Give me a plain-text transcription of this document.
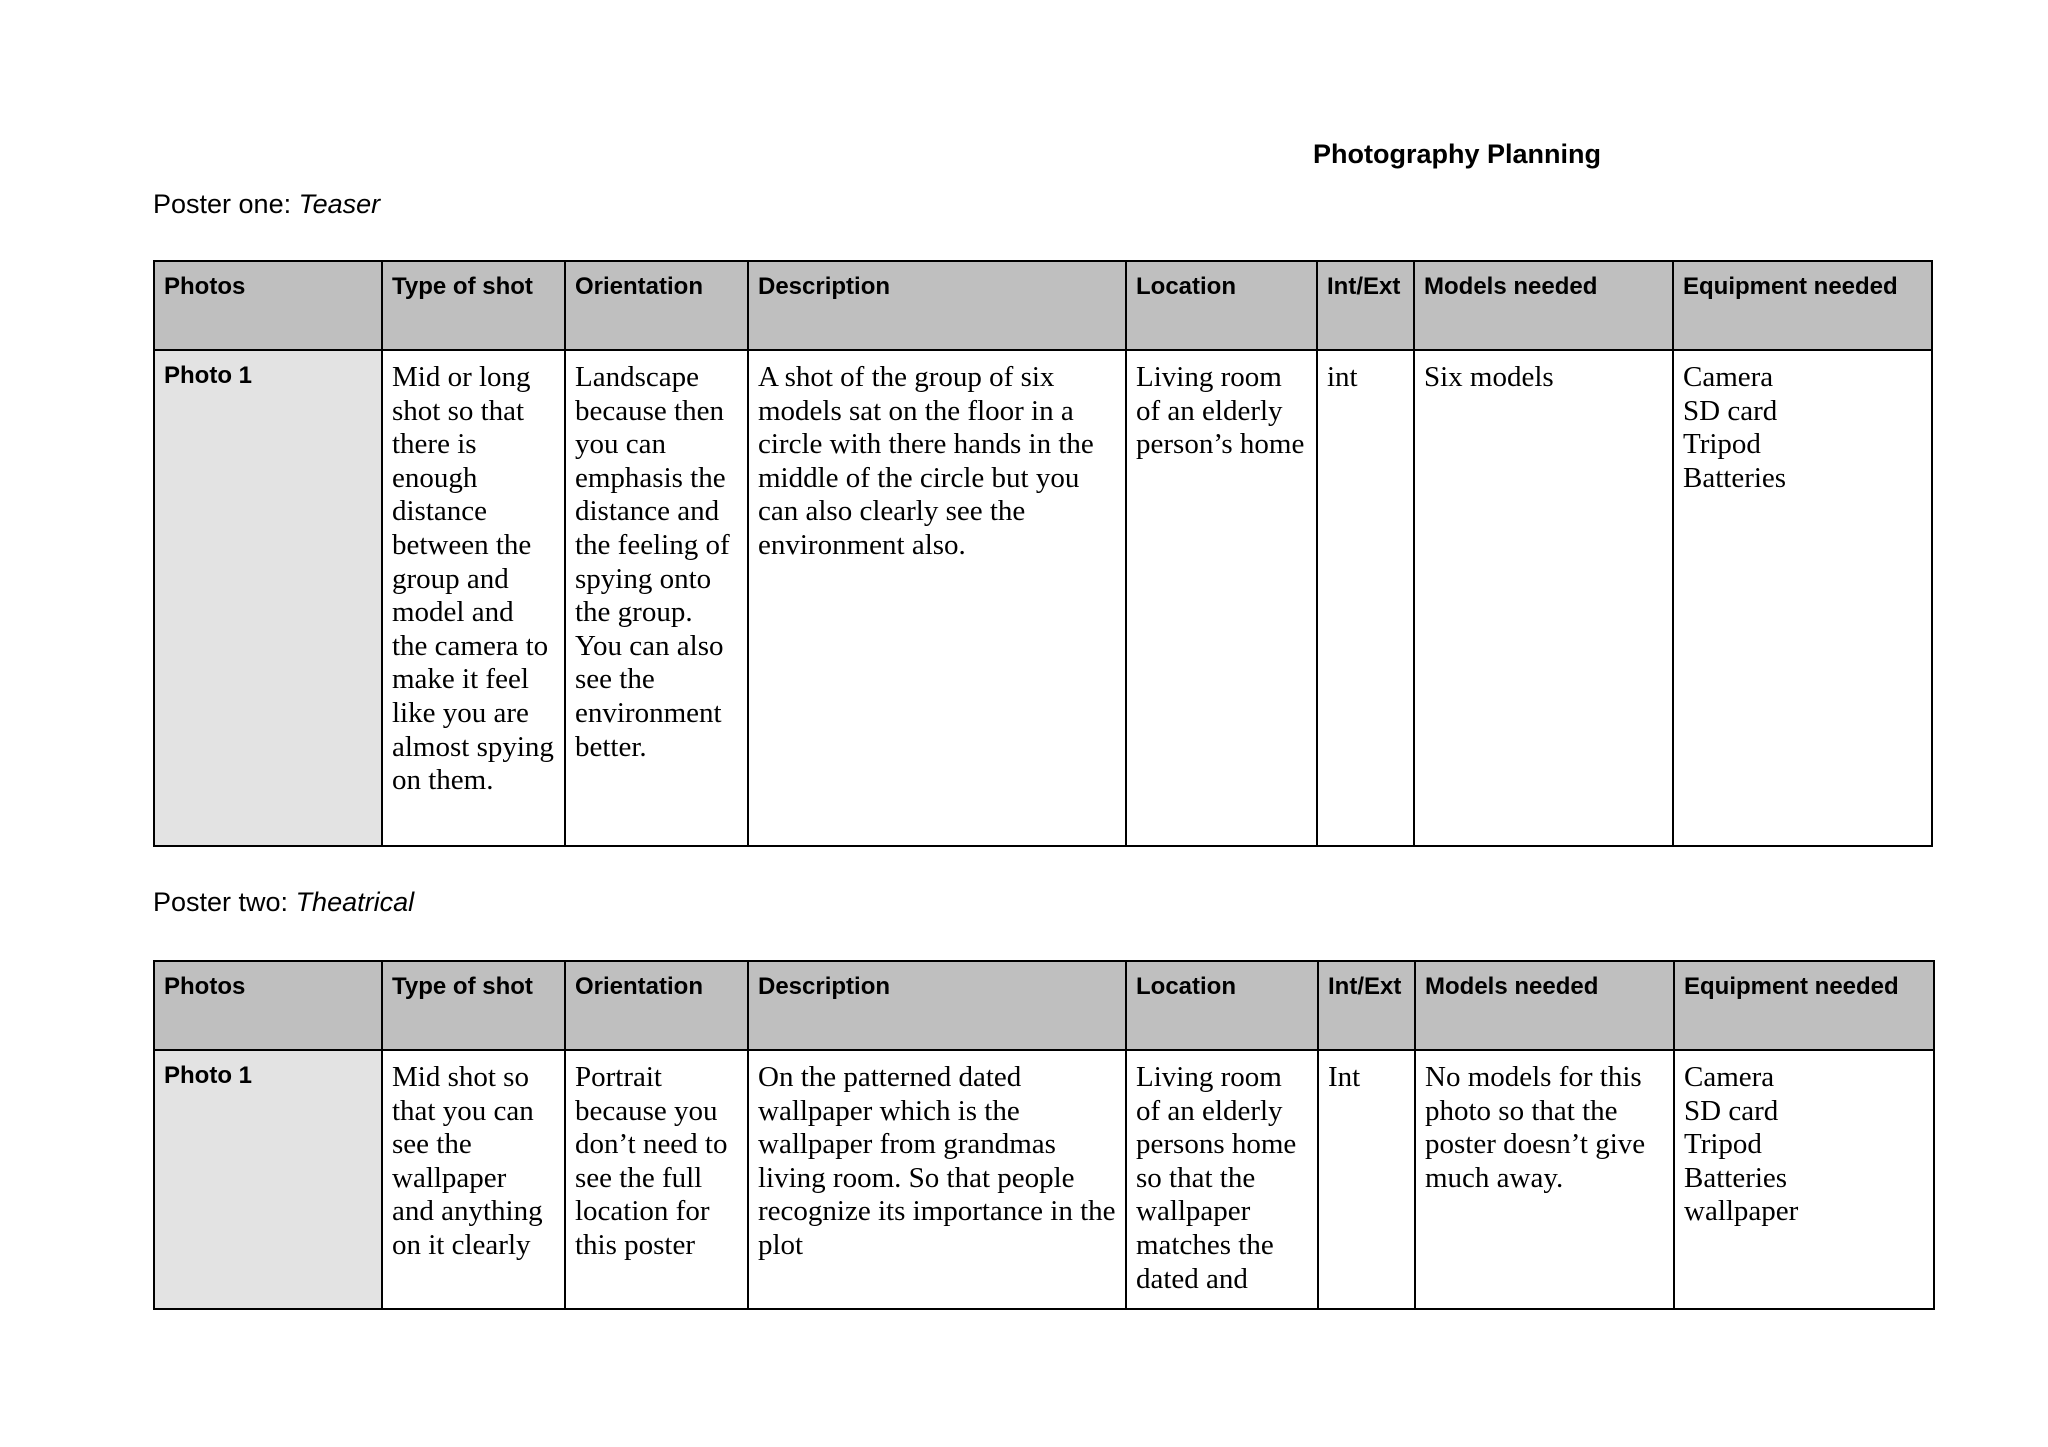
Photography Planning
Poster one: Teaser
Photos	Type of shot	Orientation	Description	Location	Int/Ext	Models needed	Equipment needed
Photo 1	Mid or long shot so that there is enough distance between the group and model and the camera to make it feel like you are almost spying on them.	Landscape because then you can emphasis the distance and the feeling of spying onto the group. You can also see the environment better.	A shot of the group of six models sat on the floor in a circle with there hands in the middle of the circle but you can also clearly see the environment also.	Living room of an elderly person’s home	int	Six models	Camera
SD card
Tripod
Batteries
Poster two: Theatrical
Photos	Type of shot	Orientation	Description	Location	Int/Ext	Models needed	Equipment needed
Photo 1	Mid shot so that you can see the wallpaper and anything on it clearly	Portrait because you don’t need to see the full location for this poster	On the patterned dated wallpaper which is the wallpaper from grandmas living room. So that people recognize its importance in the plot	Living room of an elderly persons home so that the wallpaper matches the dated and	Int	No models for this photo so that the poster doesn’t give much away.	Camera
SD card
Tripod
Batteries
wallpaper
